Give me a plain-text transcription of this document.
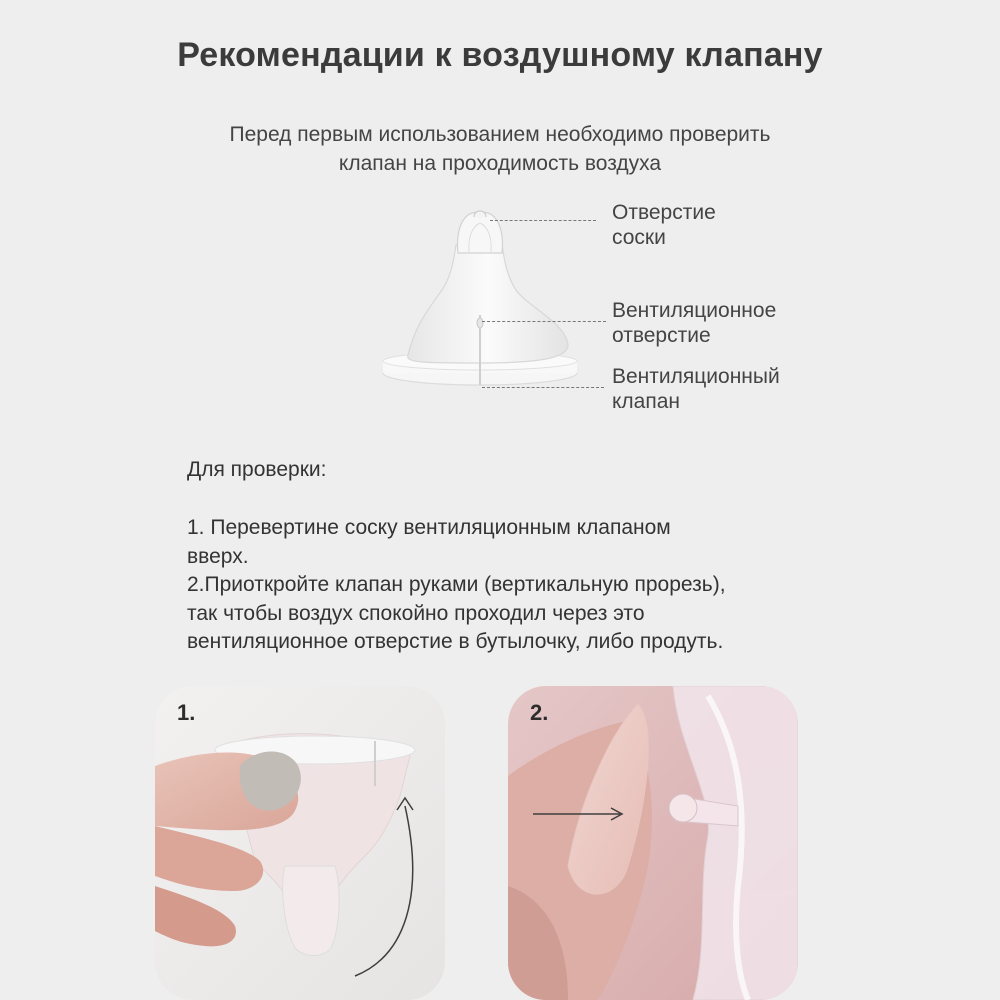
Рекомендации к воздушному клапану
Перед первым использованием необходимо проверить
клапан на проходимость воздуха
Отверстие
соски
Вентиляционное
отверстие
Вентиляционный
клапан
Для проверки:
1. Перевертине соску вентиляционным клапаном
вверх.
2.Приоткройте клапан руками (вертикальную прорезь),
так чтобы воздух спокойно проходил через это
вентиляционное отверстие в бутылочку, либо продуть.
1.	2.
